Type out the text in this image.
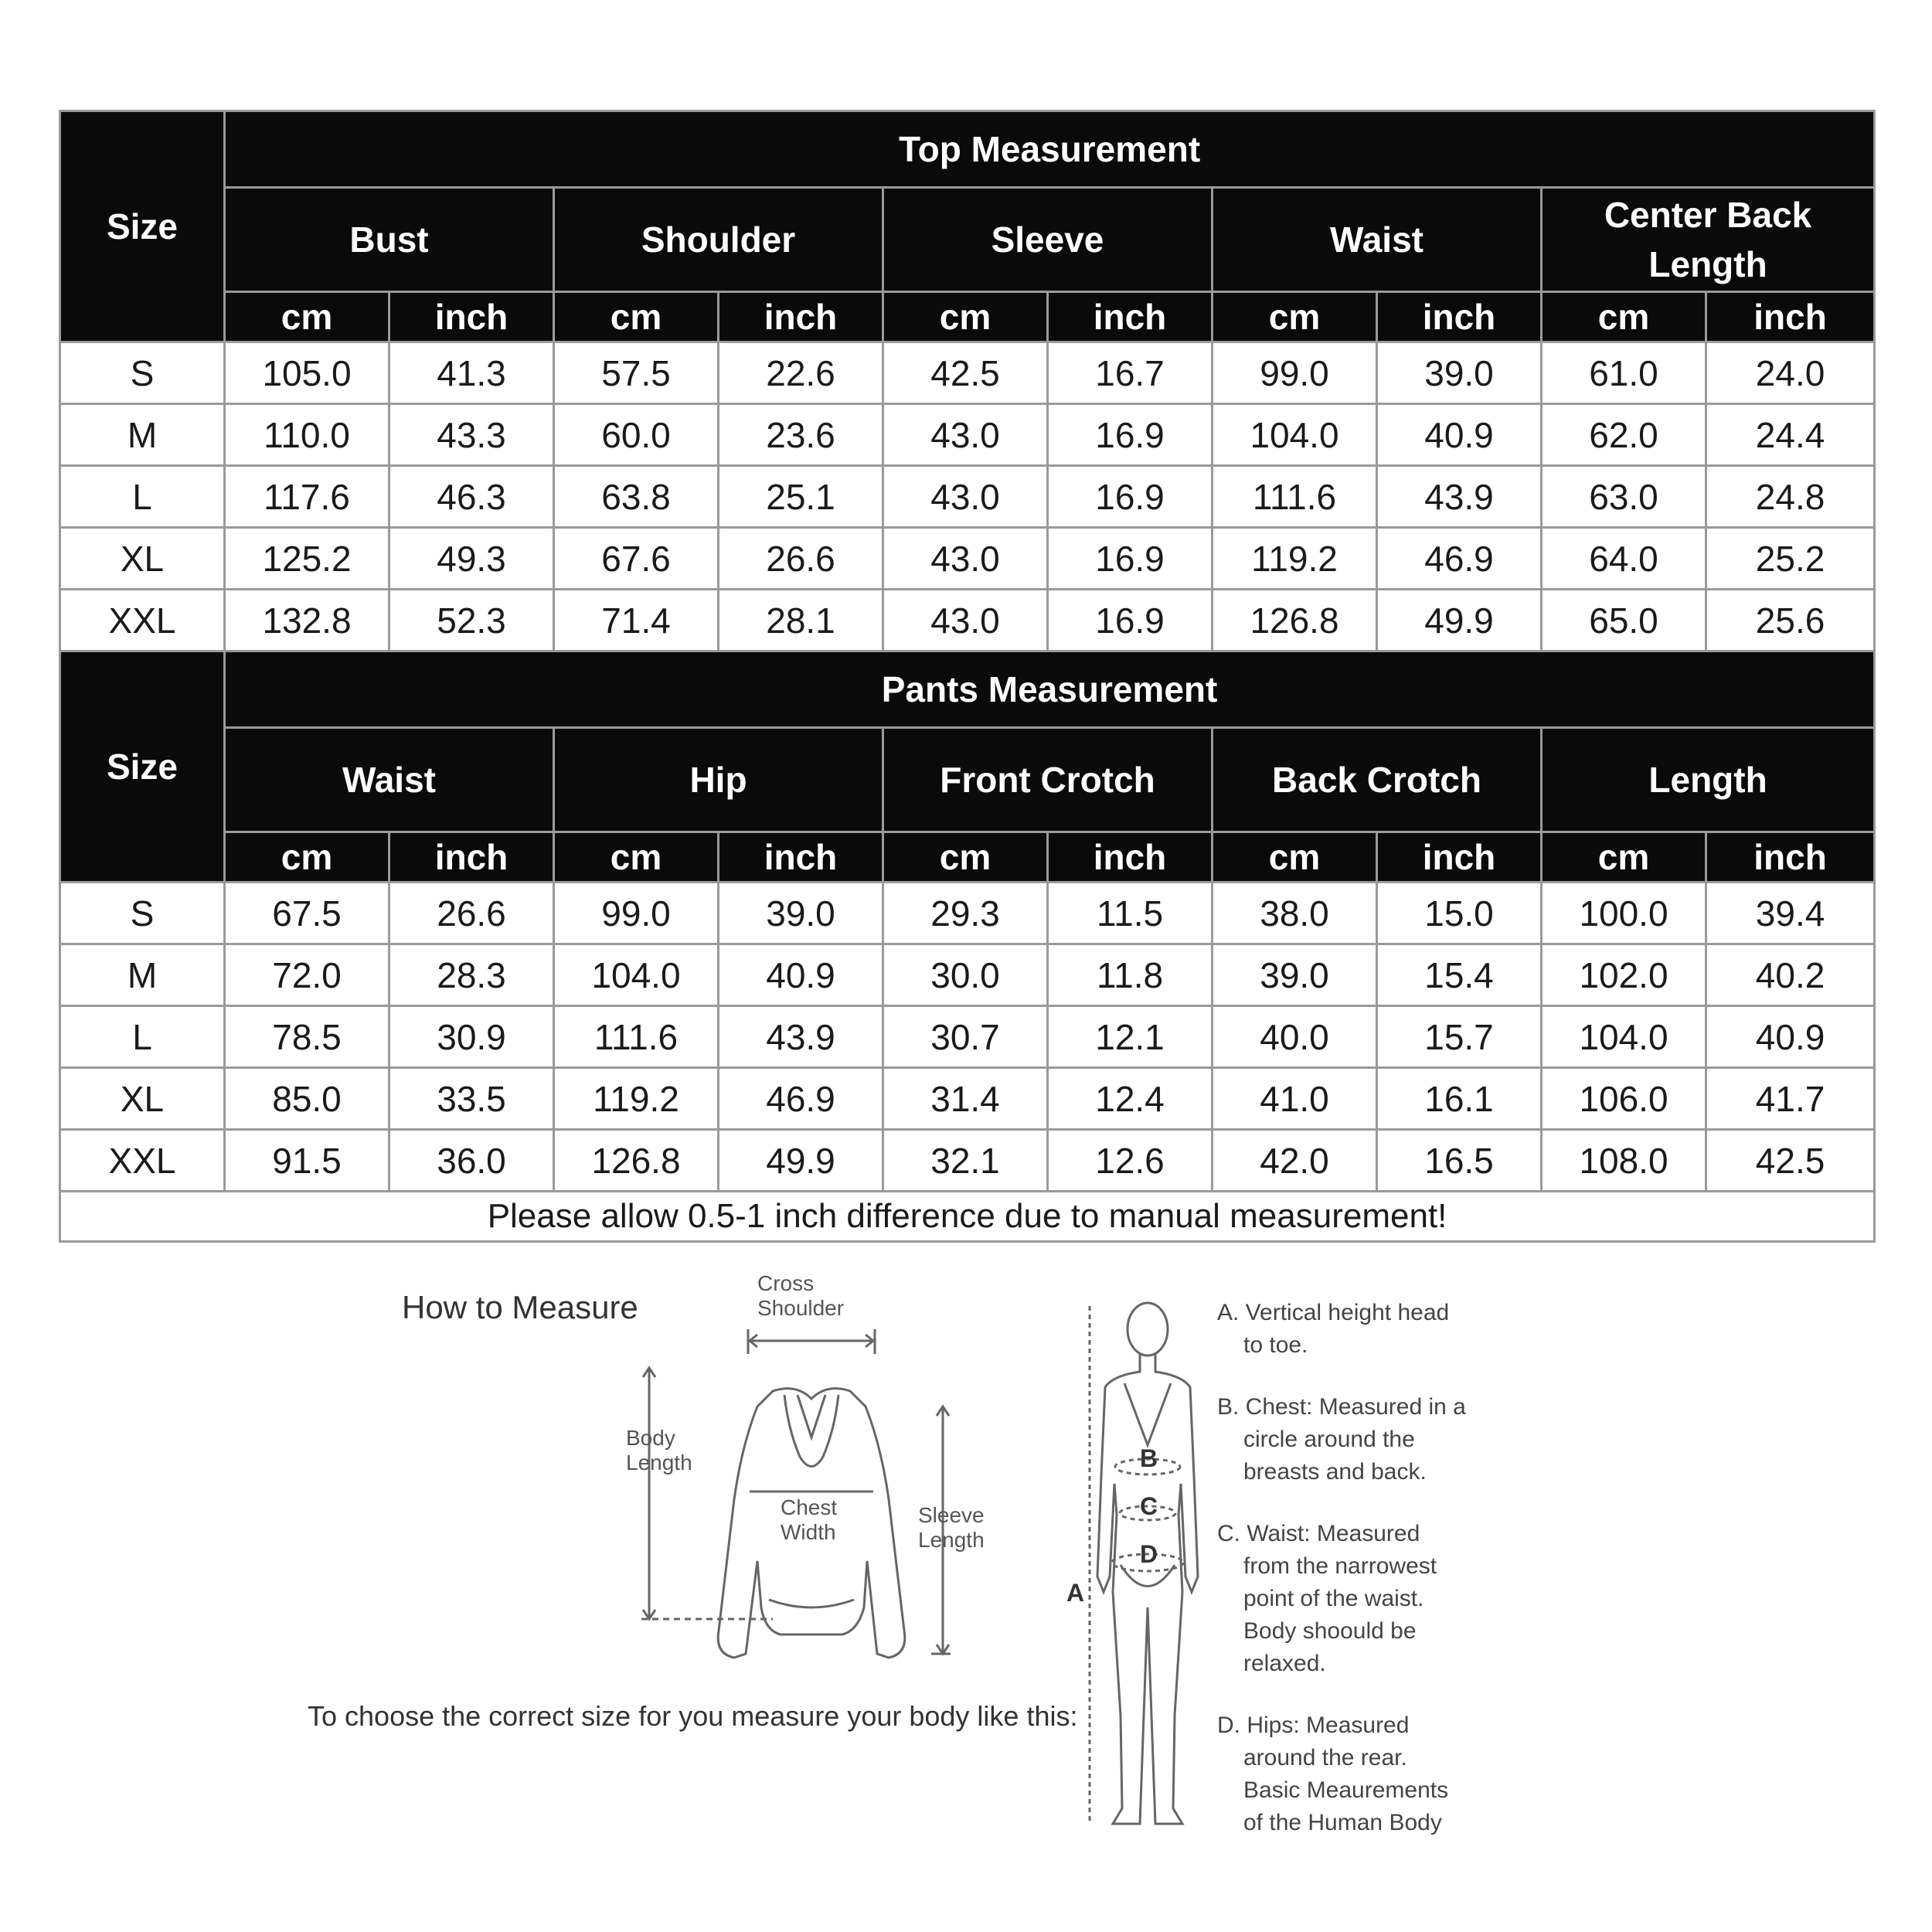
Size	Top Measurement									
	Bust		Shoulder		Sleeve		Waist		Center Back Length	
	cm	inch	cm	inch	cm	inch	cm	inch	cm	inch
S	105.0	41.3	57.5	22.6	42.5	16.7	99.0	39.0	61.0	24.0
M	110.0	43.3	60.0	23.6	43.0	16.9	104.0	40.9	62.0	24.4
L	117.6	46.3	63.8	25.1	43.0	16.9	111.6	43.9	63.0	24.8
XL	125.2	49.3	67.6	26.6	43.0	16.9	119.2	46.9	64.0	25.2
XXL	132.8	52.3	71.4	28.1	43.0	16.9	126.8	49.9	65.0	25.6
Size	Pants Measurement									
	Waist		Hip		Front Crotch		Back Crotch		Length	
	cm	inch	cm	inch	cm	inch	cm	inch	cm	inch
S	67.5	26.6	99.0	39.0	29.3	11.5	38.0	15.0	100.0	39.4
M	72.0	28.3	104.0	40.9	30.0	11.8	39.0	15.4	102.0	40.2
L	78.5	30.9	111.6	43.9	30.7	12.1	40.0	15.7	104.0	40.9
XL	85.0	33.5	119.2	46.9	31.4	12.4	41.0	16.1	106.0	41.7
XXL	91.5	36.0	126.8	49.9	32.1	12.6	42.0	16.5	108.0	42.5
Please allow 0.5-1 inch difference due to manual measurement!										
How to Measure
To choose the correct size for you measure your body like this:
Cross
Shoulder
Body
Length
Chest
Width
Sleeve
Length
A
B
C
D
A. Vertical height head
to toe.
B. Chest: Measured in a
circle around the
breasts and back.
C. Waist: Measured
from the narrowest
point of the waist.
Body shoould be
relaxed.
D. Hips: Measured
around the rear.
Basic Meaurements
of the Human Body
